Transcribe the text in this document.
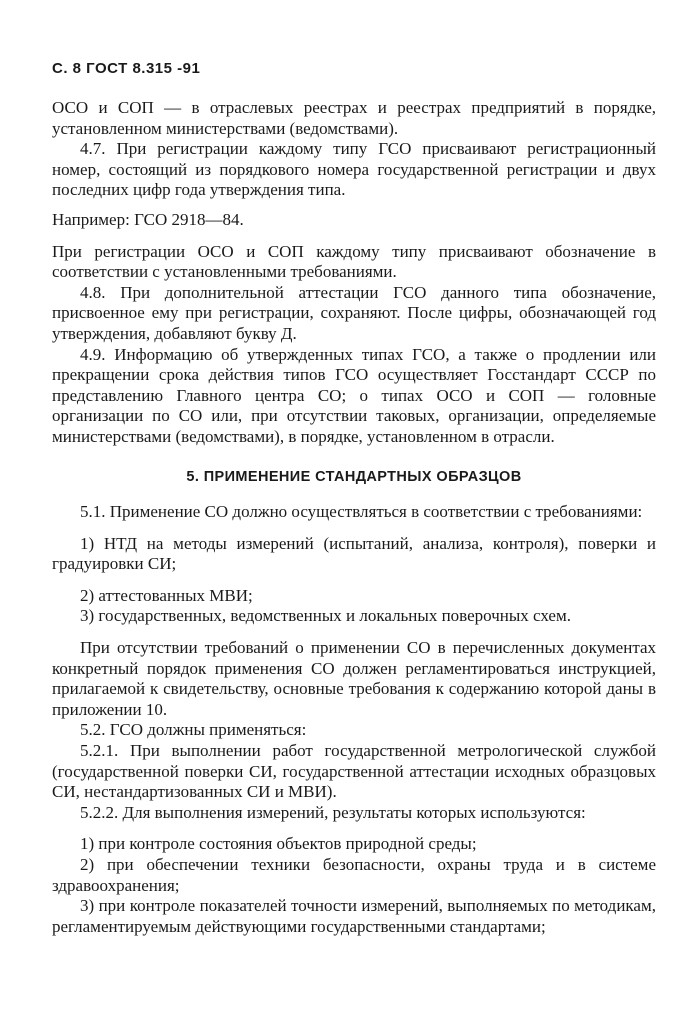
С. 8 ГОСТ 8.315 -91

ОСО и СОП — в отраслевых реестрах и реестрах предприятий в порядке, установленном министерствами (ведомствами).

4.7. При регистрации каждому типу ГСО присваивают регистрационный номер, состоящий из порядкового номера государственной регистрации и двух последних цифр года утверждения типа.

Например: ГСО 2918—84.

При регистрации ОСО и СОП каждому типу присваивают обозначение в соответствии с установленными требованиями.

4.8. При дополнительной аттестации ГСО данного типа обозначение, присвоенное ему при регистрации, сохраняют. После цифры, обозначающей год утверждения, добавляют букву Д.

4.9. Информацию об утвержденных типах ГСО, а также о продлении или прекращении срока действия типов ГСО осуществляет Госстандарт СССР по представлению Главного центра СО; о типах ОСО и СОП — головные организации по СО или, при отсутствии таковых, организации, определяемые министерствами (ведомствами), в порядке, установленном в отрасли.

5. ПРИМЕНЕНИЕ СТАНДАРТНЫХ ОБРАЗЦОВ

5.1. Применение СО должно осуществляться в соответствии с требованиями:

1) НТД на методы измерений (испытаний, анализа, контроля), поверки и градуировки СИ;

2) аттестованных МВИ;

3) государственных, ведомственных и локальных поверочных схем.

При отсутствии требований о применении СО в перечисленных документах конкретный порядок применения СО должен регламентироваться инструкцией, прилагаемой к свидетельству, основные требования к содержанию которой даны в приложении 10.

5.2. ГСО должны применяться:

5.2.1. При выполнении работ государственной метрологической службой (государственной поверки СИ, государственной аттестации исходных образцовых СИ, нестандартизованных СИ и МВИ).

5.2.2. Для выполнения измерений, результаты которых используются:

1) при контроле состояния объектов природной среды;

2) при обеспечении техники безопасности, охраны труда и в системе здравоохранения;

3) при контроле показателей точности измерений, выполняемых по методикам, регламентируемым действующими государственными стандартами;
